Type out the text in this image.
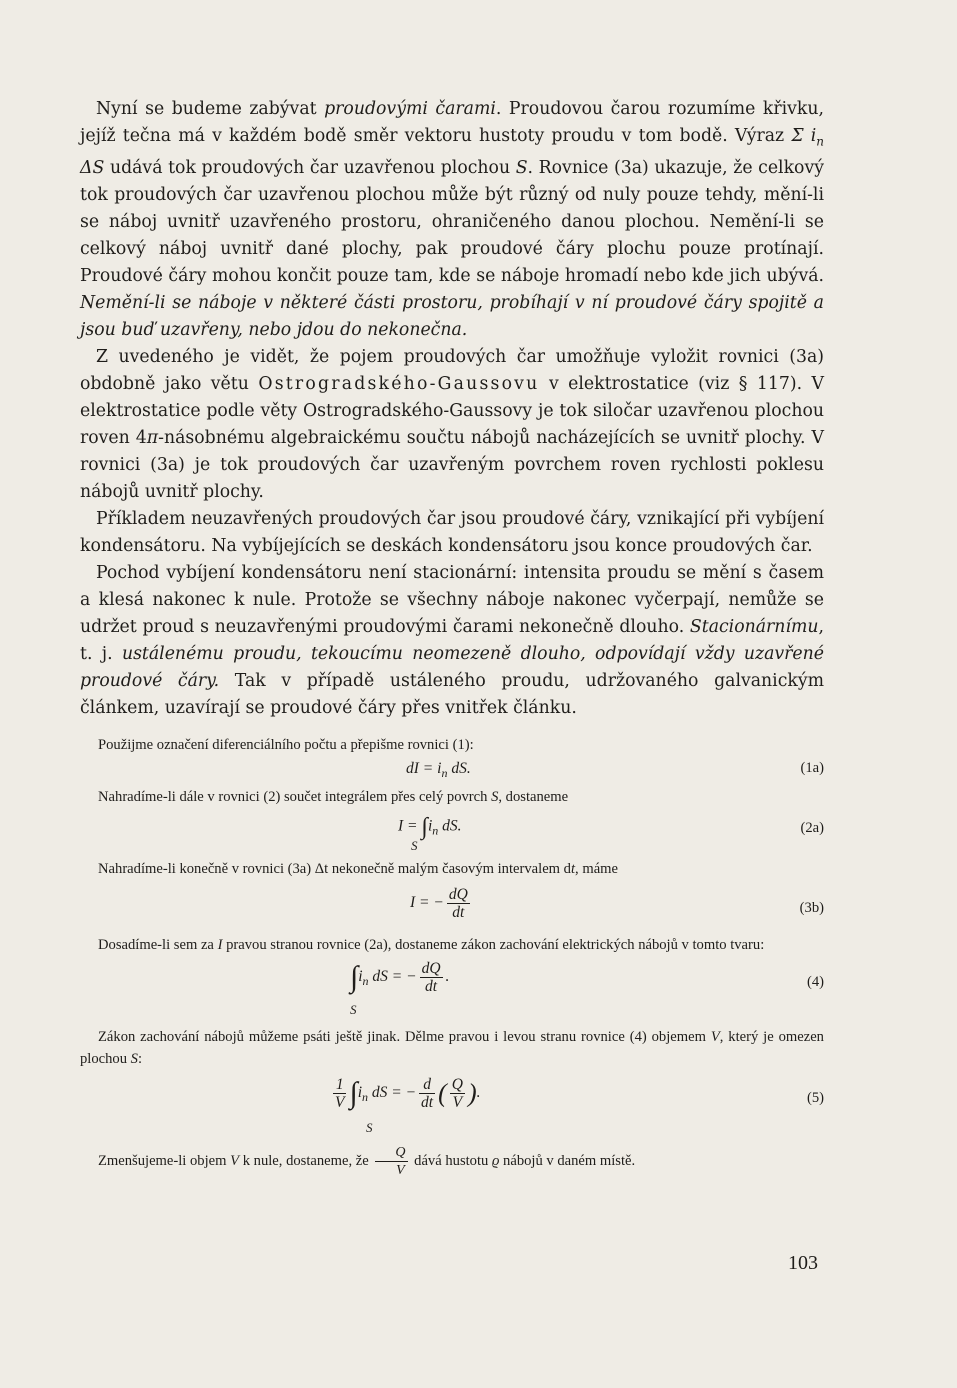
Nyní se budeme zabývat proudovými čarami. Proudovou čarou rozumíme křivku, jejíž tečna má v každém bodě směr vektoru hustoty proudu v tom bodě. Výraz Σ $i_n$ ΔS udává tok proudových čar uzavřenou plochou S. Rovnice (3a) ukazuje, že celkový tok proudových čar uzavřenou plochou může být různý od nuly pouze tehdy, mění-li se náboj uvnitř uzavřeného prostoru, ohraničeného danou plochou. Nemění-li se celkový náboj uvnitř dané plochy, pak proudové čáry plochu pouze protínají. Proudové čáry mohou končit pouze tam, kde se náboje hromadí nebo kde jich ubývá. Nemění-li se náboje v některé části prostoru, probíhají v ní proudové čáry spojitě a jsou buď uzavřeny, nebo jdou do nekonečna.

Z uvedeného je vidět, že pojem proudových čar umožňuje vyložit rovnici (3a) obdobně jako větu Ostrogradského-Gaussovu v elektrostatice (viz § 117). V elektrostatice podle věty Ostrogradského-Gaussovy je tok siločar uzavřenou plochou roven 4π-násobnému algebraickému součtu nábojů nacházejících se uvnitř plochy. V rovnici (3a) je tok proudových čar uzavřeným povrchem roven rychlosti poklesu nábojů uvnitř plochy.

Příkladem neuzavřených proudových čar jsou proudové čáry, vznikající při vybíjení kondensátoru. Na vybíjejících se deskách kondensátoru jsou konce proudových čar.

Pochod vybíjení kondensátoru není stacionární: intensita proudu se mění s časem a klesá nakonec k nule. Protože se všechny náboje nakonec vyčerpají, nemůže se udržet proud s neuzavřenými proudovými čarami nekonečně dlouho. Stacionárnímu, t. j. ustálenému proudu, tekoucímu neomezeně dlouho, odpovídají vždy uzavřené proudové čáry. Tak v případě ustáleného proudu, udržovaného galvanickým článkem, uzavírají se proudové čáry přes vnitřek článku.

Použijme označení diferenciálního počtu a přepišme rovnici (1):

dI = $i_n$ dS.	(1a)

Nahradíme-li dále v rovnici (2) součet integrálem přes celý povrch S, dostaneme

$I = \int i_n$ dS.
S
(2a)

Nahradíme-li konečně v rovnici (3a) Δt nekonečně malým časovým intervalem dt, máme

I = − $\frac{dQ}{dt}$	(3b)

Dosadíme-li sem za I pravou stranou rovnice (2a), dostaneme zákon zachování elektrických nábojů v tomto tvaru:

$\int i_n$ dS = − $\frac{dQ}{dt}$ .
S
(4)

Zákon zachování nábojů můžeme psáti ještě jinak. Dělme pravou i levou stranu rovnice (4) objemem V, který je omezen plochou S:

$\frac{1}{V} \int i_n$ dS = − $\frac{d}{dt}$ ( $\frac{Q}{V}$ ).
S
(5)

Zmenšujeme-li objem V k nule, dostaneme, že $\frac{Q}{V}$ dává hustotu ϱ nábojů v daném místě.

103
